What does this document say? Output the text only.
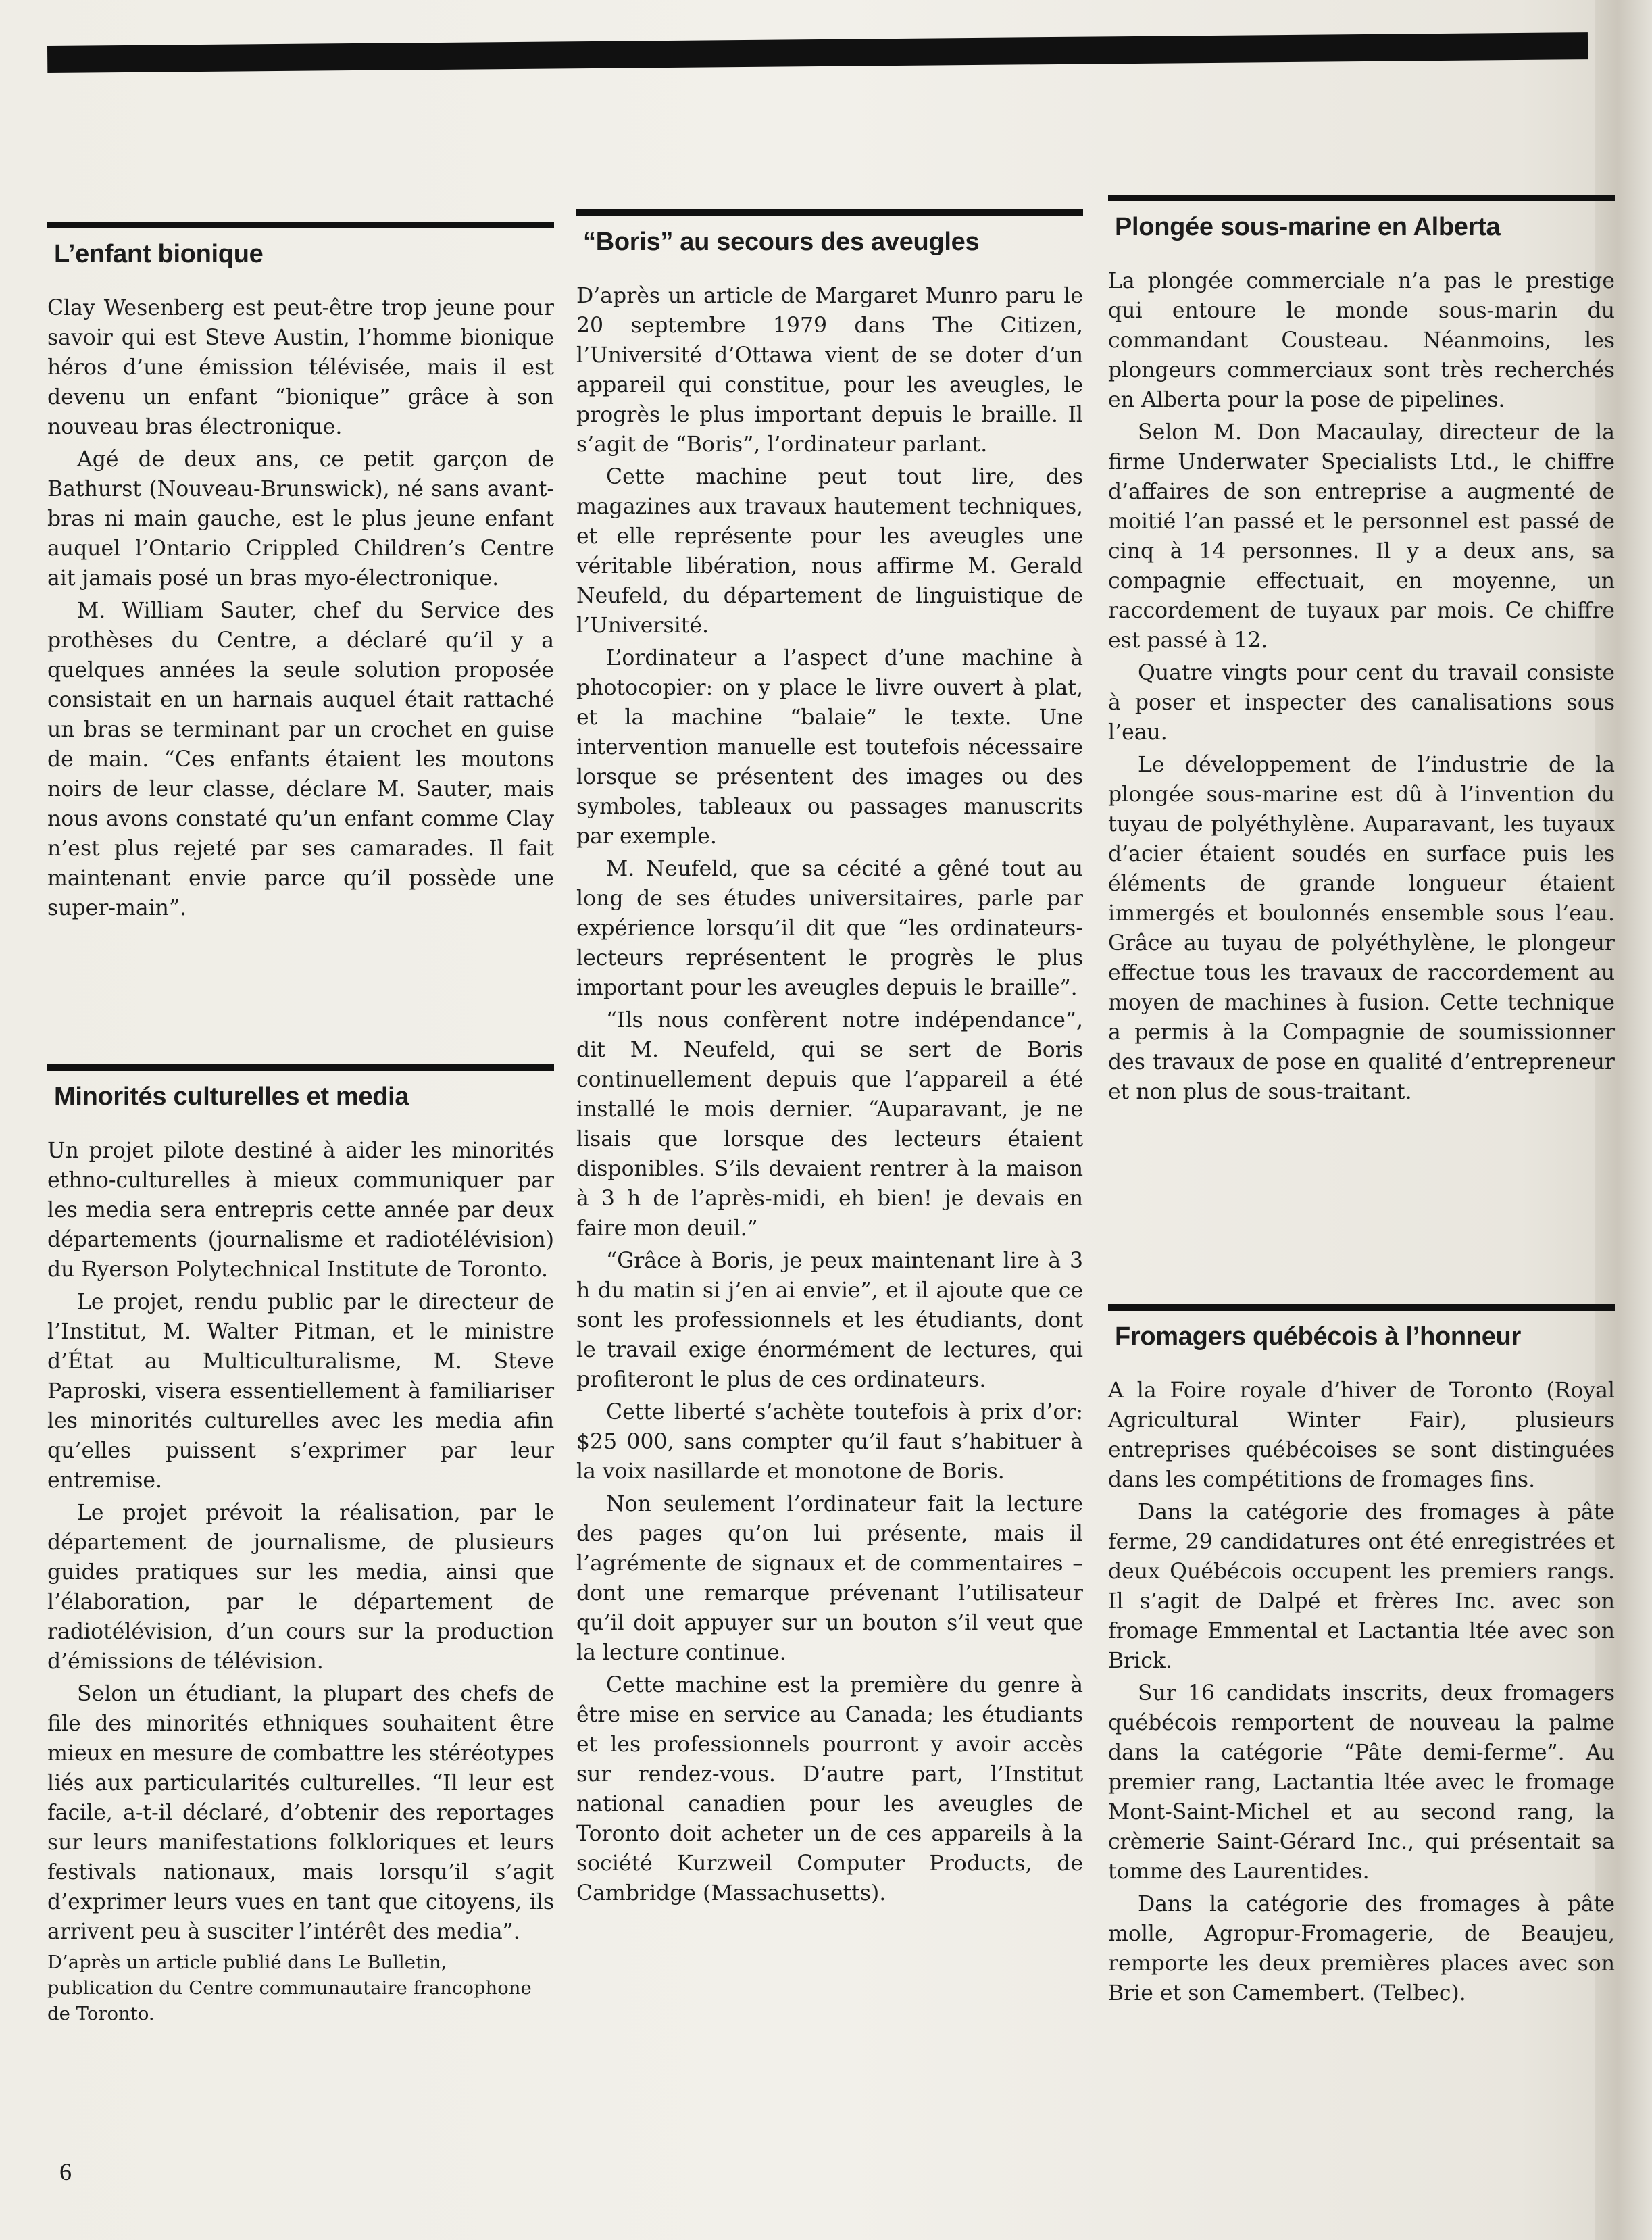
L’enfant bionique

Clay Wesenberg est peut-être trop jeune pour savoir qui est Steve Austin, l’homme bionique héros d’une émission télévisée, mais il est devenu un enfant “bionique” grâce à son nouveau bras électronique.

Agé de deux ans, ce petit garçon de Bathurst (Nouveau-Brunswick), né sans avant-bras ni main gauche, est le plus jeune enfant auquel l’Ontario Crippled Children’s Centre ait jamais posé un bras myo-électronique.

M. William Sauter, chef du Service des prothèses du Centre, a déclaré qu’il y a quelques années la seule solution proposée consistait en un harnais auquel était rattaché un bras se terminant par un crochet en guise de main. “Ces enfants étaient les moutons noirs de leur classe, déclare M. Sauter, mais nous avons constaté qu’un enfant comme Clay n’est plus rejeté par ses camarades. Il fait maintenant envie parce qu’il possède une super-main”.

Minorités culturelles et media

Un projet pilote destiné à aider les minorités ethno-culturelles à mieux communiquer par les media sera entrepris cette année par deux départements (journalisme et radiotélévision) du Ryerson Polytechnical Institute de Toronto.

Le projet, rendu public par le directeur de l’Institut, M. Walter Pitman, et le ministre d’État au Multiculturalisme, M. Steve Paproski, visera essentiellement à familiariser les minorités culturelles avec les media afin qu’elles puissent s’exprimer par leur entremise.

Le projet prévoit la réalisation, par le département de journalisme, de plusieurs guides pratiques sur les media, ainsi que l’élaboration, par le département de radiotélévision, d’un cours sur la production d’émissions de télévision.

Selon un étudiant, la plupart des chefs de file des minorités ethniques souhaitent être mieux en mesure de combattre les stéréotypes liés aux particularités culturelles. “Il leur est facile, a-t-il déclaré, d’obtenir des reportages sur leurs manifestations folkloriques et leurs festivals nationaux, mais lorsqu’il s’agit d’exprimer leurs vues en tant que citoyens, ils arrivent peu à susciter l’intérêt des media”.

D’après un article publié dans Le Bulletin, publication du Centre communautaire francophone de Toronto.

“Boris” au secours des aveugles

D’après un article de Margaret Munro paru le 20 septembre 1979 dans The Citizen, l’Université d’Ottawa vient de se doter d’un appareil qui constitue, pour les aveugles, le progrès le plus important depuis le braille. Il s’agit de “Boris”, l’ordinateur parlant.

Cette machine peut tout lire, des magazines aux travaux hautement techniques, et elle représente pour les aveugles une véritable libération, nous affirme M. Gerald Neufeld, du département de linguistique de l’Université.

L’ordinateur a l’aspect d’une machine à photocopier: on y place le livre ouvert à plat, et la machine “balaie” le texte. Une intervention manuelle est toutefois nécessaire lorsque se présentent des images ou des symboles, tableaux ou passages manuscrits par exemple.

M. Neufeld, que sa cécité a gêné tout au long de ses études universitaires, parle par expérience lorsqu’il dit que “les ordinateurs-lecteurs représentent le progrès le plus important pour les aveugles depuis le braille”.

“Ils nous confèrent notre indépendance”, dit M. Neufeld, qui se sert de Boris continuellement depuis que l’appareil a été installé le mois dernier. “Auparavant, je ne lisais que lorsque des lecteurs étaient disponibles. S’ils devaient rentrer à la maison à 3 h de l’après-midi, eh bien! je devais en faire mon deuil.”

“Grâce à Boris, je peux maintenant lire à 3 h du matin si j’en ai envie”, et il ajoute que ce sont les professionnels et les étudiants, dont le travail exige énormément de lectures, qui profiteront le plus de ces ordinateurs.

Cette liberté s’achète toutefois à prix d’or: $25 000, sans compter qu’il faut s’habituer à la voix nasillarde et monotone de Boris.

Non seulement l’ordinateur fait la lecture des pages qu’on lui présente, mais il l’agrémente de signaux et de commentaires – dont une remarque prévenant l’utilisateur qu’il doit appuyer sur un bouton s’il veut que la lecture continue.

Cette machine est la première du genre à être mise en service au Canada; les étudiants et les professionnels pourront y avoir accès sur rendez-vous. D’autre part, l’Institut national canadien pour les aveugles de Toronto doit acheter un de ces appareils à la société Kurzweil Computer Products, de Cambridge (Massachusetts).

Plongée sous-marine en Alberta

La plongée commerciale n’a pas le prestige qui entoure le monde sous-marin du commandant Cousteau. Néanmoins, les plongeurs commerciaux sont très recherchés en Alberta pour la pose de pipelines.

Selon M. Don Macaulay, directeur de la firme Underwater Specialists Ltd., le chiffre d’affaires de son entreprise a augmenté de moitié l’an passé et le personnel est passé de cinq à 14 personnes. Il y a deux ans, sa compagnie effectuait, en moyenne, un raccordement de tuyaux par mois. Ce chiffre est passé à 12.

Quatre vingts pour cent du travail consiste à poser et inspecter des canalisations sous l’eau.

Le développement de l’industrie de la plongée sous-marine est dû à l’invention du tuyau de polyéthylène. Auparavant, les tuyaux d’acier étaient soudés en surface puis les éléments de grande longueur étaient immergés et boulonnés ensemble sous l’eau. Grâce au tuyau de polyéthylène, le plongeur effectue tous les travaux de raccordement au moyen de machines à fusion. Cette technique a permis à la Compagnie de soumissionner des travaux de pose en qualité d’entrepreneur et non plus de sous-traitant.

Fromagers québécois à l’honneur

A la Foire royale d’hiver de Toronto (Royal Agricultural Winter Fair), plusieurs entreprises québécoises se sont distinguées dans les compétitions de fromages fins.

Dans la catégorie des fromages à pâte ferme, 29 candidatures ont été enregistrées et deux Québécois occupent les premiers rangs. Il s’agit de Dalpé et frères Inc. avec son fromage Emmental et Lactantia ltée avec son Brick.

Sur 16 candidats inscrits, deux fromagers québécois remportent de nouveau la palme dans la catégorie “Pâte demi-ferme”. Au premier rang, Lactantia ltée avec le fromage Mont-Saint-Michel et au second rang, la crèmerie Saint-Gérard Inc., qui présentait sa tomme des Laurentides.

Dans la catégorie des fromages à pâte molle, Agropur-Fromagerie, de Beaujeu, remporte les deux premières places avec son Brie et son Camembert. (Telbec).

6
